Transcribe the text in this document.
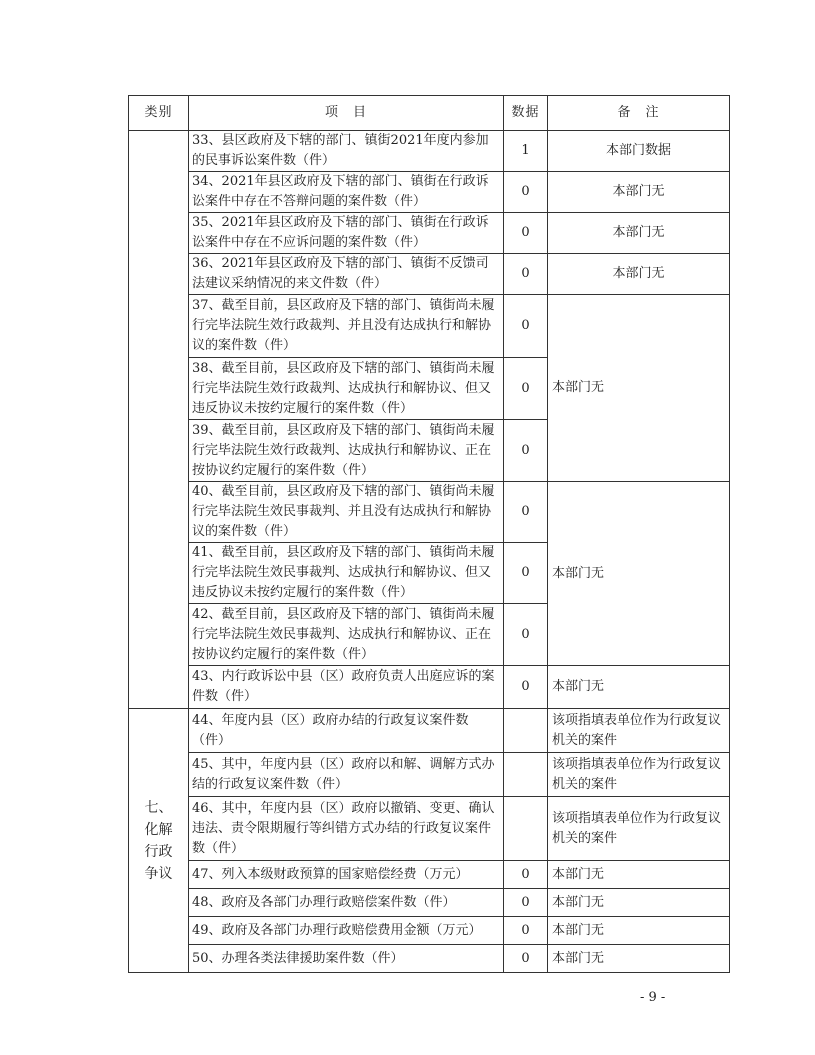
类别	项　目	数据	备　注
	33、县区政府及下辖的部门、镇街2021年度内参加的民事诉讼案件数（件）	1	本部门数据
	34、2021年县区政府及下辖的部门、镇街在行政诉讼案件中存在不答辩问题的案件数（件）	0	本部门无
	35、2021年县区政府及下辖的部门、镇街在行政诉讼案件中存在不应诉问题的案件数（件）	0	本部门无
	36、2021年县区政府及下辖的部门、镇街不反馈司法建议采纳情况的来文件数（件）	0	本部门无
	37、截至目前，县区政府及下辖的部门、镇街尚未履行完毕法院生效行政裁判、并且没有达成执行和解协议的案件数（件）	0	本部门无
	38、截至目前，县区政府及下辖的部门、镇街尚未履行完毕法院生效行政裁判、达成执行和解协议、但又违反协议未按约定履行的案件数（件）	0	
	39、截至目前，县区政府及下辖的部门、镇街尚未履行完毕法院生效行政裁判、达成执行和解协议、正在按协议约定履行的案件数（件）	0	
	40、截至目前，县区政府及下辖的部门、镇街尚未履行完毕法院生效民事裁判、并且没有达成执行和解协议的案件数（件）	0	本部门无
	41、截至目前，县区政府及下辖的部门、镇街尚未履行完毕法院生效民事裁判、达成执行和解协议、但又违反协议未按约定履行的案件数（件）	0	
	42、截至目前，县区政府及下辖的部门、镇街尚未履行完毕法院生效民事裁判、达成执行和解协议、正在按协议约定履行的案件数（件）	0	
	43、内行政诉讼中县（区）政府负责人出庭应诉的案件数（件）	0	本部门无
七、化解行政争议	44、年度内县（区）政府办结的行政复议案件数（件）		该项指填表单位作为行政复议机关的案件
	45、其中，年度内县（区）政府以和解、调解方式办结的行政复议案件数（件）		该项指填表单位作为行政复议机关的案件
	46、其中，年度内县（区）政府以撤销、变更、确认违法、责令限期履行等纠错方式办结的行政复议案件数（件）		该项指填表单位作为行政复议机关的案件
	47、列入本级财政预算的国家赔偿经费（万元）	0	本部门无
	48、政府及各部门办理行政赔偿案件数（件）	0	本部门无
	49、政府及各部门办理行政赔偿费用金额（万元）	0	本部门无
	50、办理各类法律援助案件数（件）	0	本部门无
- 9 -
